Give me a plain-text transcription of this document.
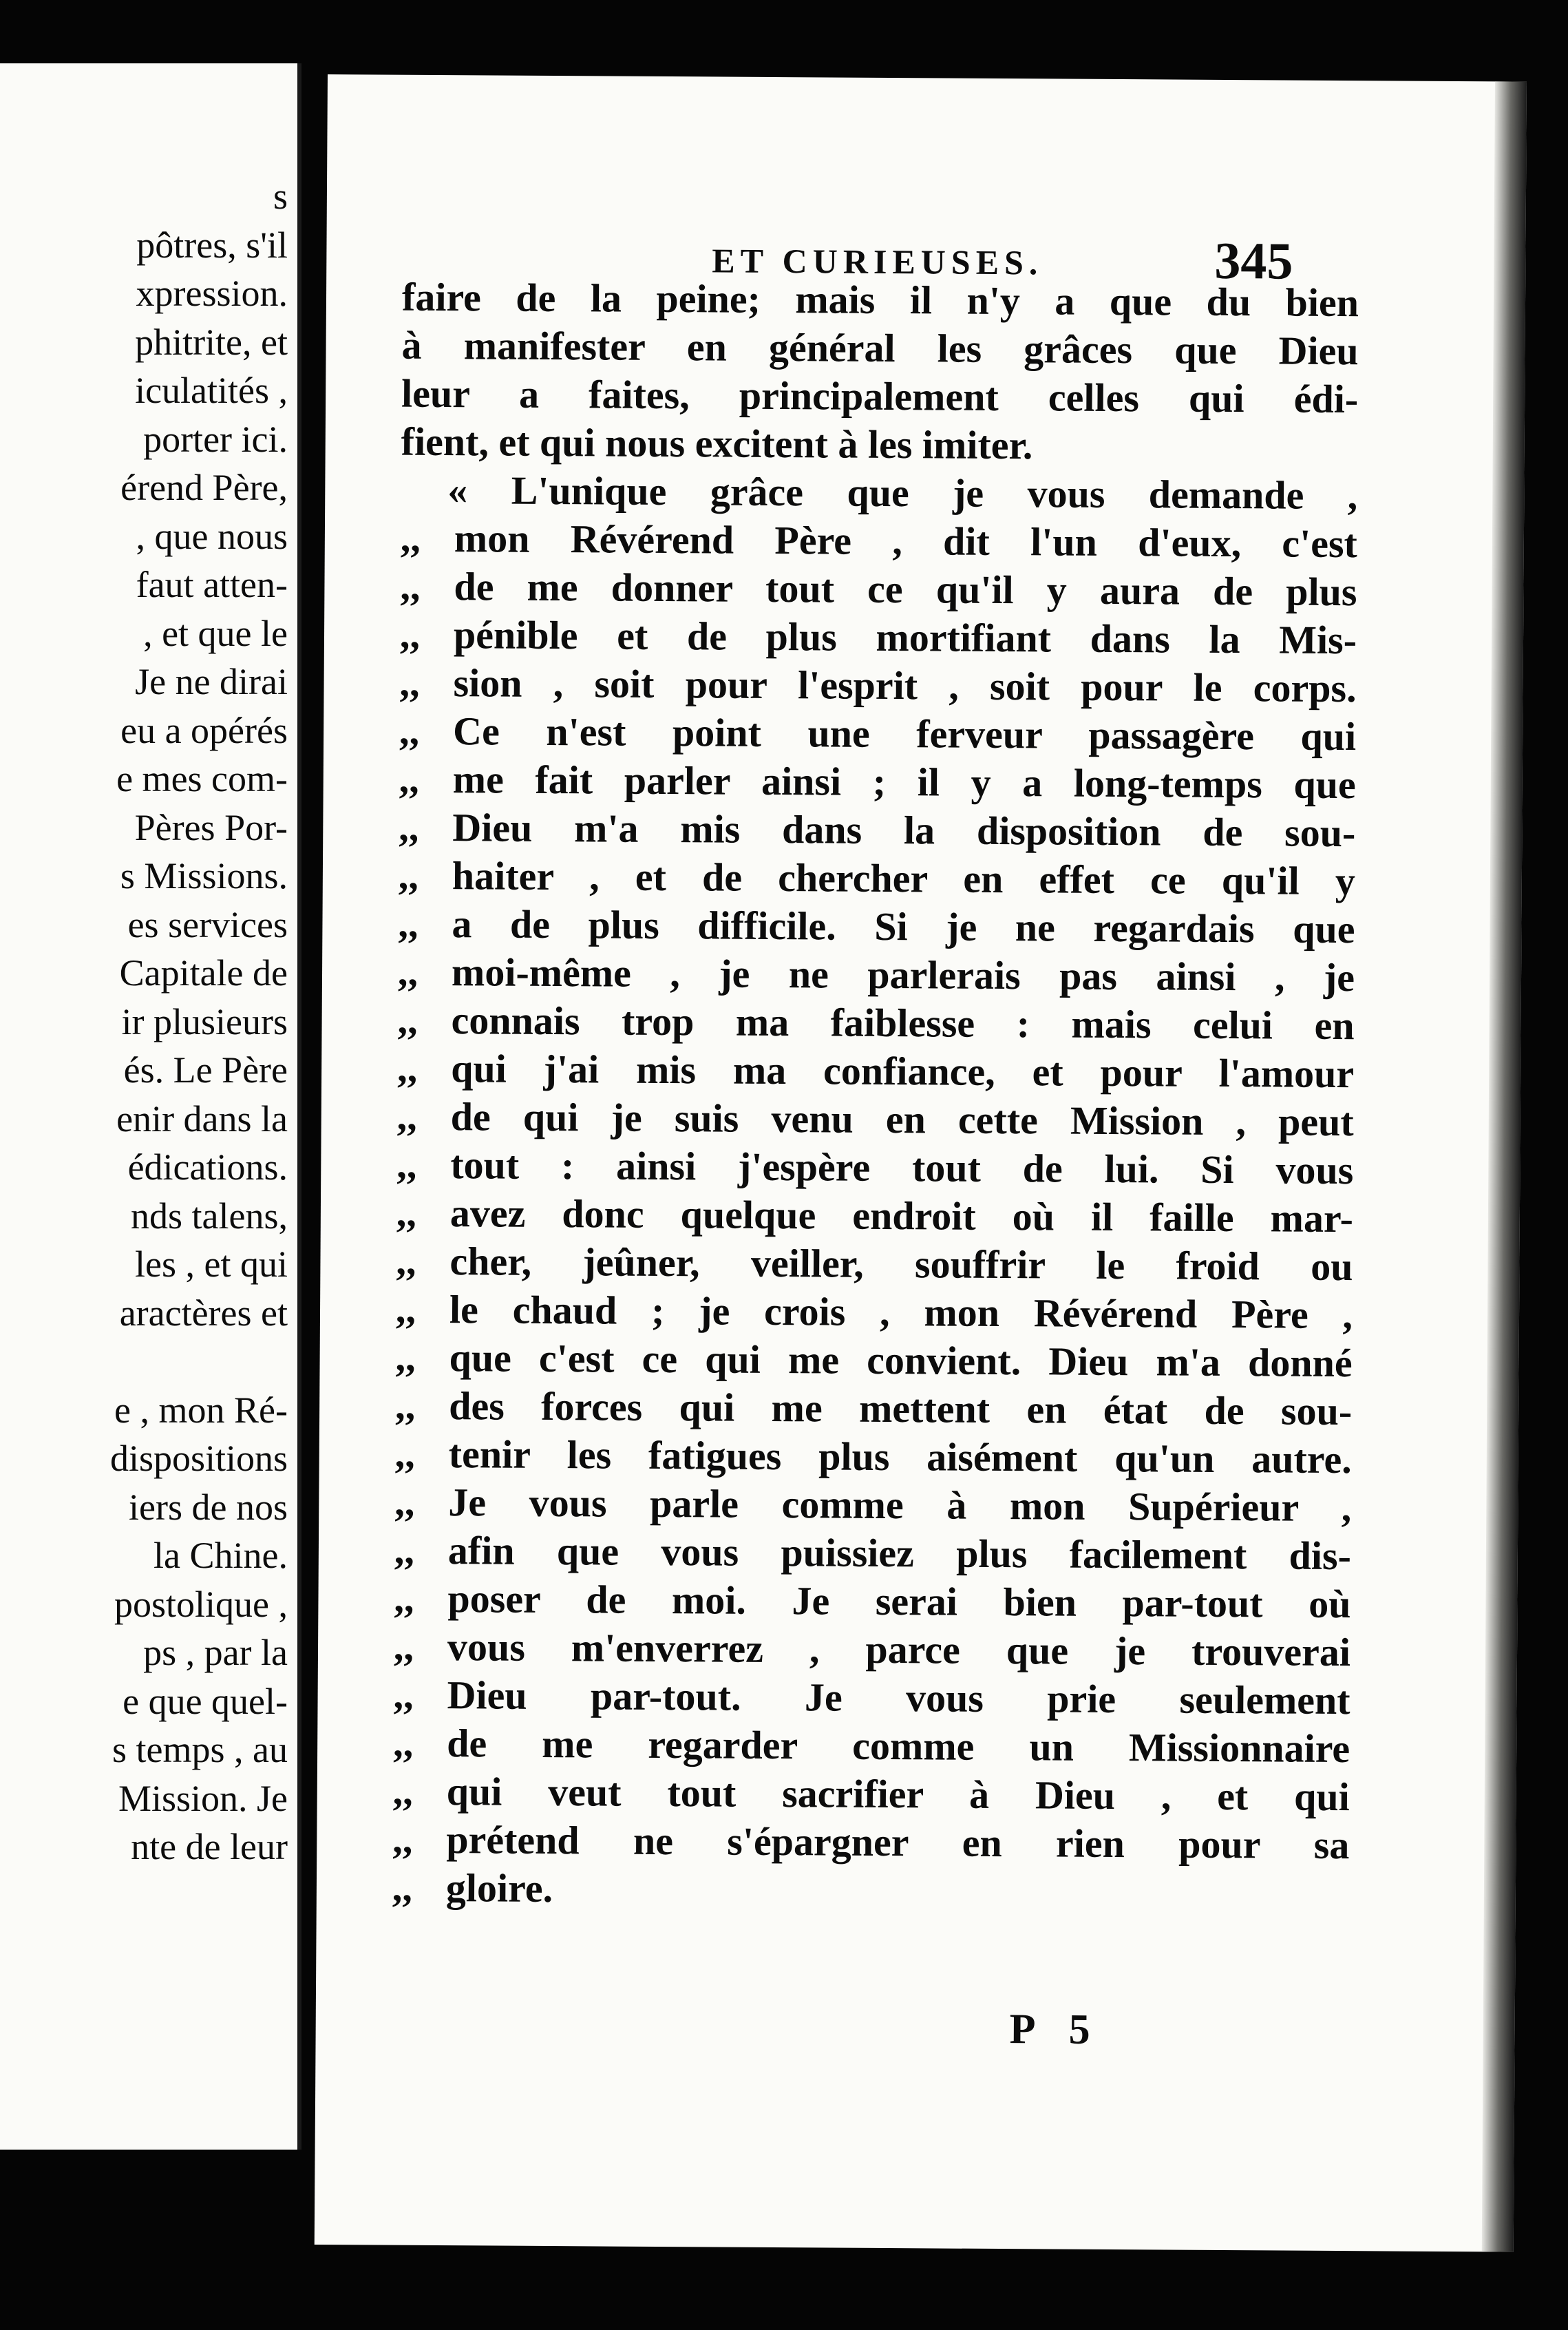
s
pôtres, s'il
xpression.
phitrite, et
iculatités ,
porter ici.
érend Père,
, que nous
faut atten-
, et que le
Je ne dirai
eu a opérés
e mes com-
Pères Por-
s Missions.
es services
Capitale de
ir plusieurs
és. Le Père
enir dans la
édications.
nds talens,
les , et qui
aractères et
e , mon Ré-
dispositions
iers de nos
la Chine.
postolique ,
ps , par la
e que quel-
s temps , au
Mission. Je
nte de leur
ET CURIEUSES.	345
faire de la peine; mais il n'y a que du bien
à manifester en général les grâces que Dieu
leur a faites, principalement celles qui édi-
fient, et qui nous excitent à les imiter.
« L'unique grâce que je vous demande ,
,, mon Révérend Père , dit l'un d'eux, c'est
,, de me donner tout ce qu'il y aura de plus
,, pénible et de plus mortifiant dans la Mis-
,, sion , soit pour l'esprit , soit pour le corps.
,, Ce n'est point une ferveur passagère qui
,, me fait parler ainsi ; il y a long-temps que
,, Dieu m'a mis dans la disposition de sou-
,, haiter , et de chercher en effet ce qu'il y
,, a de plus difficile. Si je ne regardais que
,, moi-même , je ne parlerais pas ainsi , je
,, connais trop ma faiblesse : mais celui en
,, qui j'ai mis ma confiance, et pour l'amour
,, de qui je suis venu en cette Mission , peut
,, tout : ainsi j'espère tout de lui. Si vous
,, avez donc quelque endroit où il faille mar-
,, cher, jeûner, veiller, souffrir le froid ou
,, le chaud ; je crois , mon Révérend Père ,
,, que c'est ce qui me convient. Dieu m'a donné
,, des forces qui me mettent en état de sou-
,, tenir les fatigues plus aisément qu'un autre.
,, Je vous parle comme à mon Supérieur ,
,, afin que vous puissiez plus facilement dis-
,, poser de moi. Je serai bien par-tout où
,, vous m'enverrez , parce que je trouverai
,, Dieu par-tout. Je vous prie seulement
,, de me regarder comme un Missionnaire
,, qui veut tout sacrifier à Dieu , et qui
,, prétend ne s'épargner en rien pour sa
,, gloire.
P 5
